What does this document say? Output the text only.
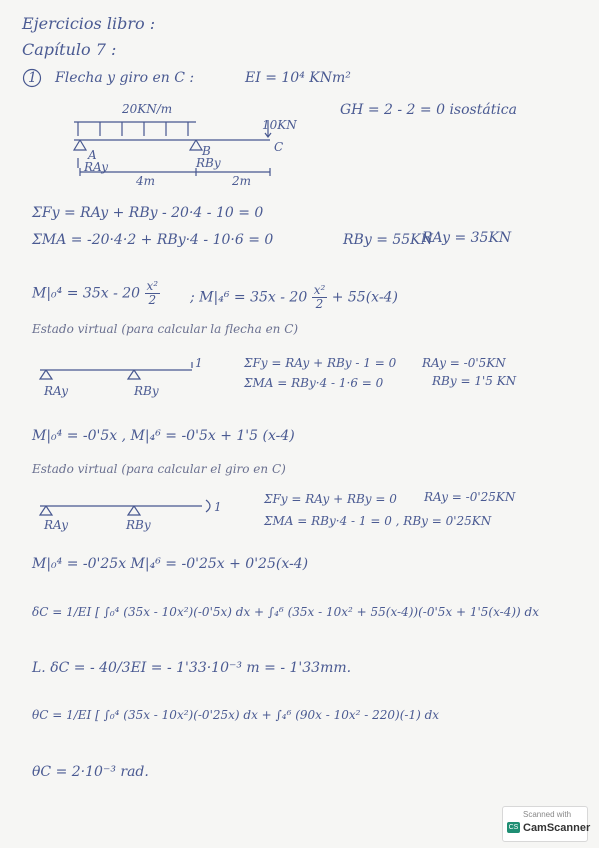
Ejercicios libro :
Capítulo 7 :
1 Flecha y giro en C :	EI = 10⁴ KNm²
20KN/m
10KN
C
A	B
RAy	RBy
4m	2m
GH = 2 - 2 = 0 isostática
ΣFy = RAy + RBy - 20·4 - 10 = 0
ΣMA = -20·4·2 + RBy·4 - 10·6 = 0	RBy = 55KN
RAy = 35KN
$M|_0^4 = 35x - 20 \frac{\text{x²}}{2}$ ; $M|_4^6 = 35x - 20 \frac{\text{x²}}{2} + 55(x-4)$
Estado virtual (para calcular la flecha en C)
1
RAy	RBy
ΣFy = RAy + RBy - 1 = 0
ΣMA = RBy·4 - 1·6 = 0
RAy = -0'5KN
RBy = 1'5 KN
M|₀⁴ = -0'5x , M|₄⁶ = -0'5x + 1'5 (x-4)
Estado virtual (para calcular el giro en C)
1
RAy	RBy
ΣFy = RAy + RBy = 0 RAy = -0'25KN
ΣMA = RBy·4 - 1 = 0 , RBy = 0'25KN
M|₀⁴ = -0'25x M|₄⁶ = -0'25x + 0'25(x-4)
δC = 1/EI [ ∫₀⁴ (35x - 10x²)(-0'5x) dx + ∫₄⁶ (35x - 10x² + 55(x-4))(-0'5x + 1'5(x-4)) dx
L. δC = - 40/3EI = - 1'33·10⁻³ m = - 1'33mm.
θC = 1/EI [ ∫₀⁴ (35x - 10x²)(-0'25x) dx + ∫₄⁶ (90x - 10x² - 220)(-1) dx
θC = 2·10⁻³ rad.
Scanned with
CS CamScanner
